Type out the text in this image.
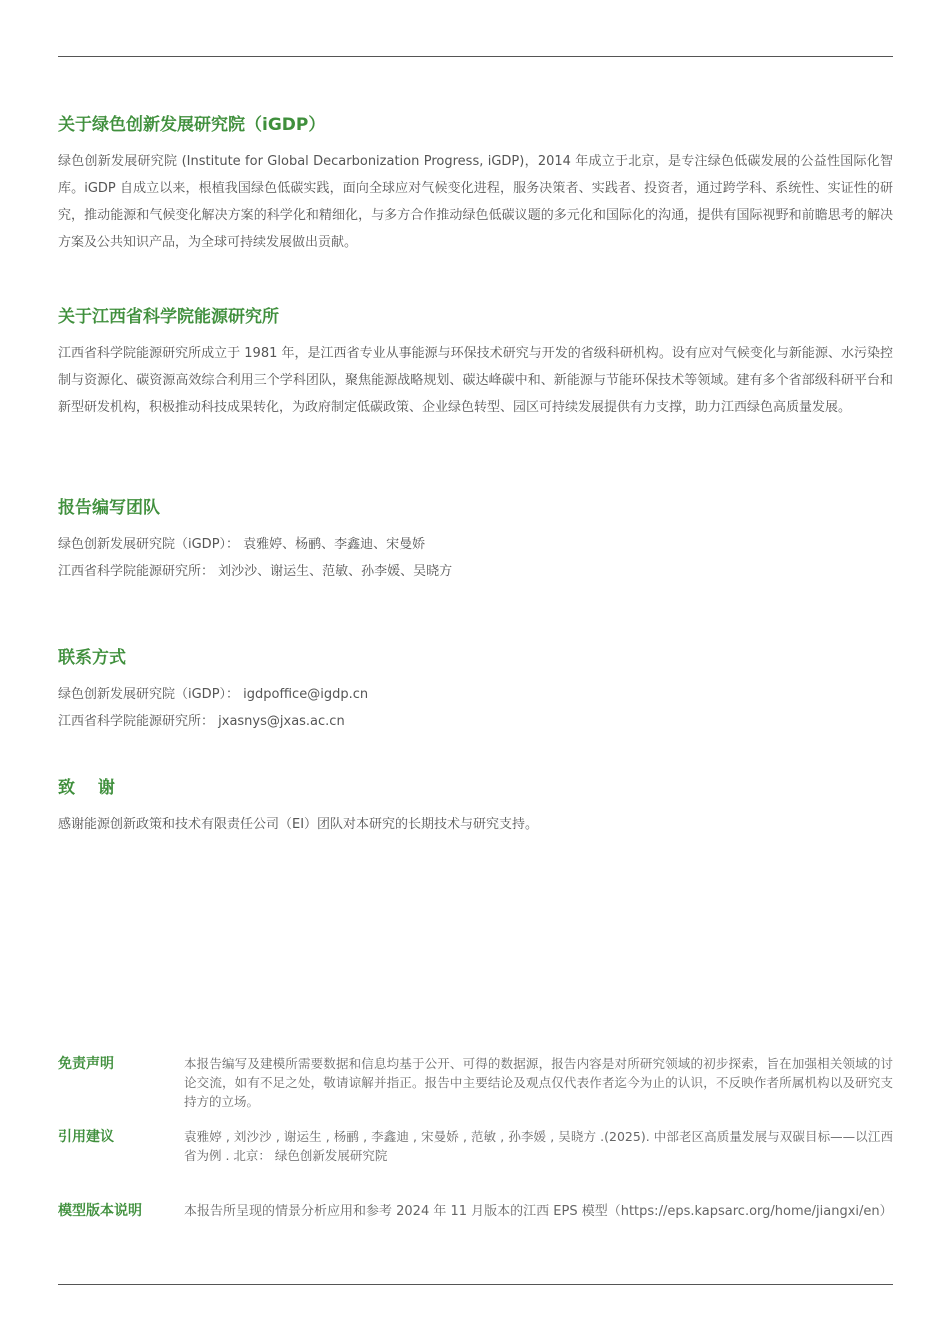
关于绿色创新发展研究院（iGDP）

绿色创新发展研究院 (Institute for Global Decarbonization Progress, iGDP)，2014 年成立于北京，是专注绿色低碳发展的公益性国际化智库。iGDP 自成立以来，根植我国绿色低碳实践，面向全球应对气候变化进程，服务决策者、实践者、投资者，通过跨学科、系统性、实证性的研究，推动能源和气候变化解决方案的科学化和精细化，与多方合作推动绿色低碳议题的多元化和国际化的沟通，提供有国际视野和前瞻思考的解决方案及公共知识产品，为全球可持续发展做出贡献。

关于江西省科学院能源研究所

江西省科学院能源研究所成立于 1981 年，是江西省专业从事能源与环保技术研究与开发的省级科研机构。设有应对气候变化与新能源、水污染控制与资源化、碳资源高效综合利用三个学科团队，聚焦能源战略规划、碳达峰碳中和、新能源与节能环保技术等领域。建有多个省部级科研平台和新型研发机构，积极推动科技成果转化，为政府制定低碳政策、企业绿色转型、园区可持续发展提供有力支撑，助力江西绿色高质量发展。

报告编写团队

绿色创新发展研究院（iGDP）： 袁雅婷、杨鹂、李鑫迪、宋曼娇

江西省科学院能源研究所： 刘沙沙、谢运生、范敏、孙李媛、吴晓方

联系方式

绿色创新发展研究院（iGDP）： igdpoffice@igdp.cn

江西省科学院能源研究所： jxasnys@jxas.ac.cn

致　 谢

感谢能源创新政策和技术有限责任公司（EI）团队对本研究的长期技术与研究支持。

免责声明	本报告编写及建模所需要数据和信息均基于公开、可得的数据源，报告内容是对所研究领域的初步探索，旨在加强相关领域的讨论交流，如有不足之处，敬请谅解并指正。报告中主要结论及观点仅代表作者迄今为止的认识，不反映作者所属机构以及研究支持方的立场。
引用建议	袁雅婷 , 刘沙沙 , 谢运生 , 杨鹂 , 李鑫迪 , 宋曼娇 , 范敏 , 孙李媛 , 吴晓方 .(2025). 中部老区高质量发展与双碳目标——以江西省为例 . 北京： 绿色创新发展研究院
模型版本说明	本报告所呈现的情景分析应用和参考 2024 年 11 月版本的江西 EPS 模型（https://eps.kapsarc.org/home/jiangxi/en）
